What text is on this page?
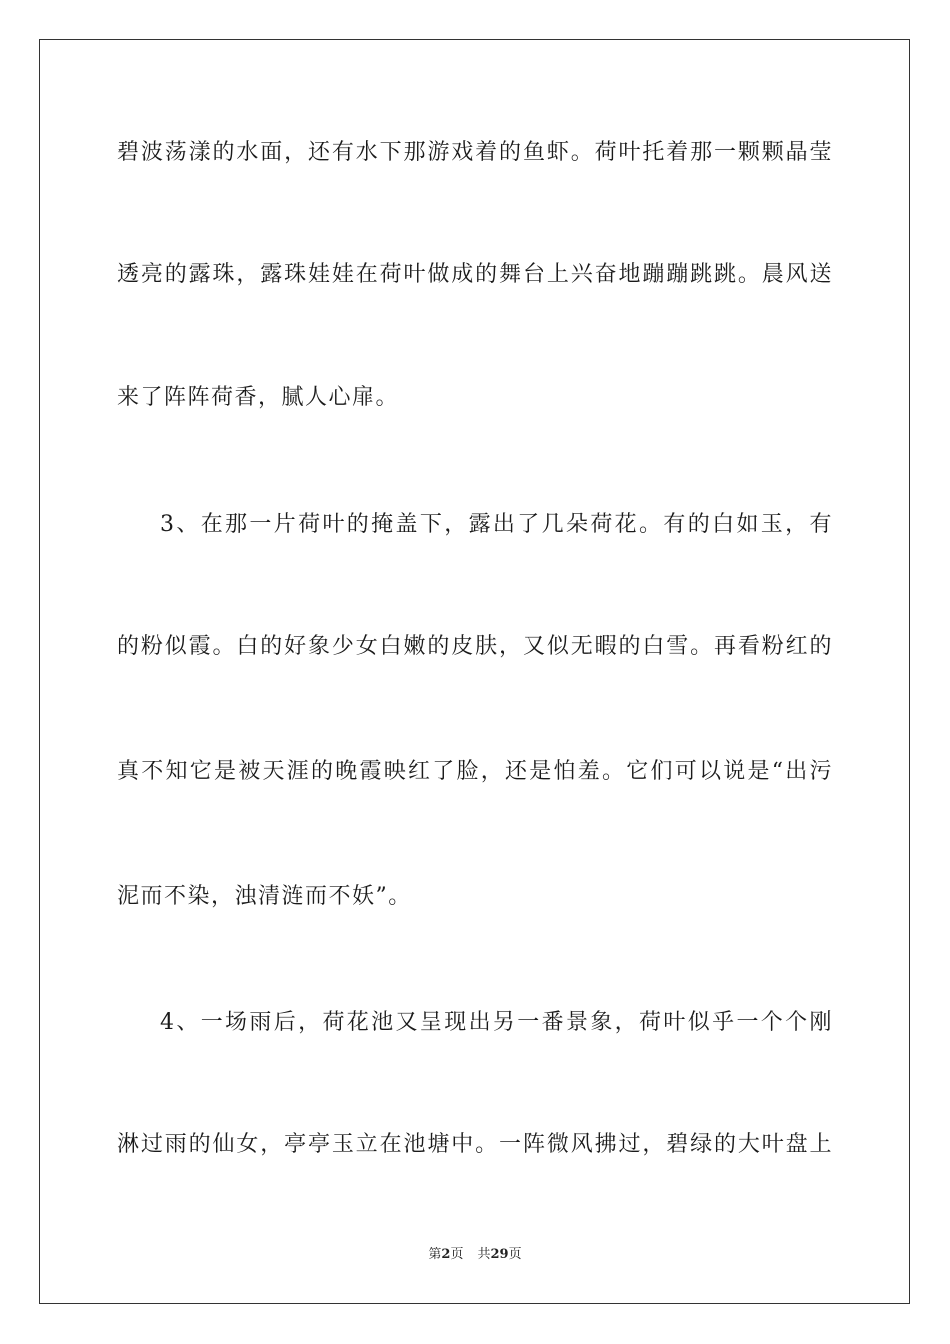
碧波荡漾的水面，还有水下那游戏着的鱼虾。荷叶托着那一颗颗晶莹
透亮的露珠，露珠娃娃在荷叶做成的舞台上兴奋地蹦蹦跳跳。晨风送
来了阵阵荷香，腻人心扉。
3、在那一片荷叶的掩盖下，露出了几朵荷花。有的白如玉，有
的粉似霞。白的好象少女白嫩的皮肤，又似无暇的白雪。再看粉红的
真不知它是被天涯的晚霞映红了脸，还是怕羞。它们可以说是“出污
泥而不染，浊清涟而不妖”。
4、一场雨后，荷花池又呈现出另一番景象，荷叶似乎一个个刚
淋过雨的仙女，亭亭玉立在池塘中。一阵微风拂过，碧绿的大叶盘上
第2页 共29页
